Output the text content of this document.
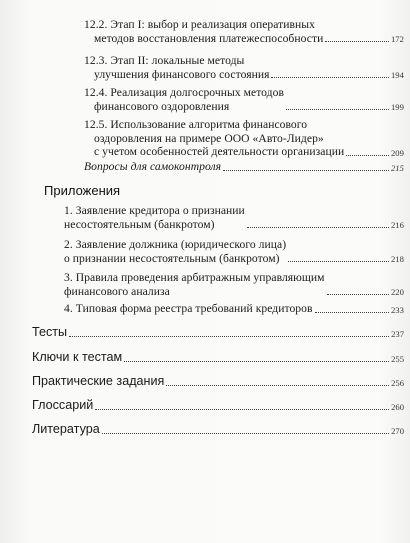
12.2. Этап I: выбор и реализация оперативных
методов восстановления платежеспособности	172
12.3. Этап II: локальные методы
улучшения финансового состояния	194
12.4. Реализация долгосрочных методов
финансового оздоровления	199
12.5. Использование алгоритма финансового
оздоровления на примере ООО «Авто-Лидер»
с учетом особенностей деятельности организации	209
Вопросы для самоконтроля	215
Приложения
1. Заявление кредитора о признании
несостоятельным (банкротом)	216
2. Заявление должника (юридического лица)
о признании несостоятельным (банкротом)	218
3. Правила проведения арбитражным управляющим
финансового анализа	220
4. Типовая форма реестра требований кредиторов	233
Тесты	237
Ключи к тестам	255
Практические задания	256
Глоссарий	260
Литература	270
